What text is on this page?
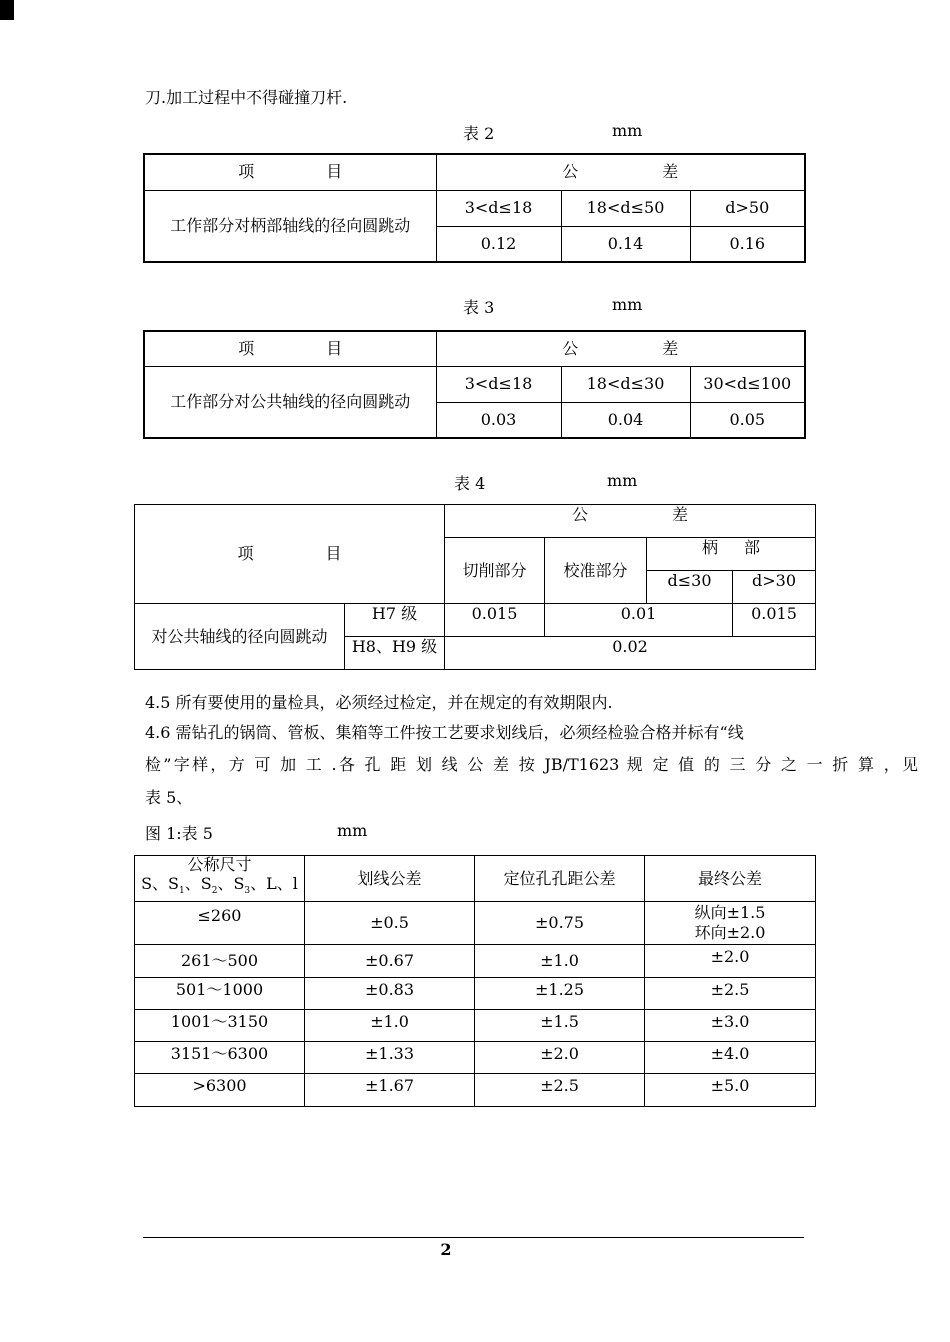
刀.加工过程中不得碰撞刀杆.
表 2	mm
项 目	公 差		
工作部分对柄部轴线的径向圆跳动	3<d≤18	18<d≤50	d>50
	0.12	0.14	0.16
表 3	mm
项 目	公 差		
工作部分对公共轴线的径向圆跳动	3<d≤18	18<d≤30	30<d≤100
	0.03	0.04	0.05
表 4	mm
项 目		公 差			
		切削部分	校准部分	柄 部	
				d≤30	d>30
对公共轴线的径向圆跳动	H7 级	0.015	0.01		0.015
	H8、H9 级	0.02			
4.5 所有要使用的量检具，必须经过检定，并在规定的有效期限内.
4.6 需钻孔的锅筒、管板、集箱等工件按工艺要求划线后，必须经检验合格并标有“线
检”字样，方 可 加 工 .各 孔 距 划 线 公 差 按 JB/T1623 规 定 值 的 三 分 之 一 折 算 ，见
表 5、
图 1:表 5	mm
公称尺寸
S、$S_1$、$S_2$、$S_3$、L、l	划线公差	定位孔孔距公差	最终公差
≤260	±0.5	±0.75	纵向±1.5
环向±2.0

261～500	±0.67	±1.0	±2.0
501～1000	±0.83	±1.25	±2.5
1001～3150	±1.0	±1.5	±3.0
3151～6300	±1.33	±2.0	±4.0
>6300	±1.67	±2.5	±5.0
2
